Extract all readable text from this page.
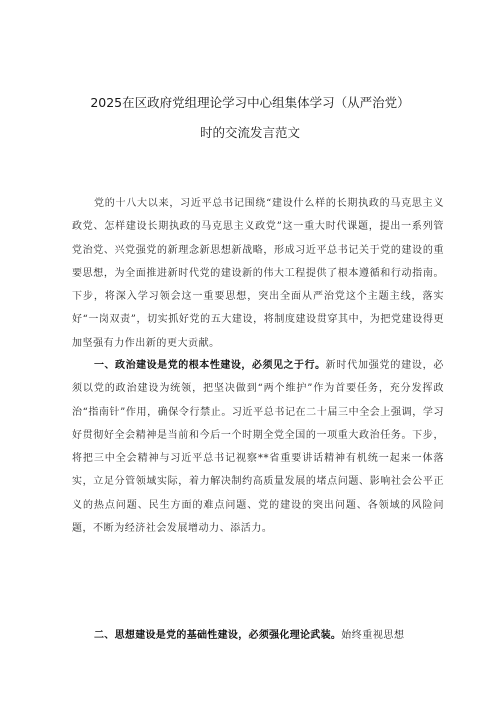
2025在区政府党组理论学习中心组集体学习（从严治党）
时的交流发言范文

党的十八大以来，习近平总书记围绕“建设什么样的长期执政的马克思主义政党、怎样建设长期执政的马克思主义政党”这一重大时代课题，提出一系列管党治党、兴党强党的新理念新思想新战略，形成习近平总书记关于党的建设的重要思想，为全面推进新时代党的建设新的伟大工程提供了根本遵循和行动指南。下步，将深入学习领会这一重要思想，突出全面从严治党这个主题主线，落实好“一岗双责”，切实抓好党的五大建设，将制度建设贯穿其中，为把党建设得更加坚强有力作出新的更大贡献。

一、政治建设是党的根本性建设，必须见之于行。新时代加强党的建设，必须以党的政治建设为统领，把坚决做到“两个维护”作为首要任务，充分发挥政治“指南针”作用，确保令行禁止。习近平总书记在二十届三中全会上强调，学习好贯彻好全会精神是当前和今后一个时期全党全国的一项重大政治任务。下步，将把三中全会精神与习近平总书记视察**省重要讲话精神有机统一起来一体落实，立足分管领域实际，着力解决制约高质量发展的堵点问题、影响社会公平正义的热点问题、民生方面的难点问题、党的建设的突出问题、各领域的风险问题，不断为经济社会发展增动力、添活力。

二、思想建设是党的基础性建设，必须强化理论武装。始终重视思想
